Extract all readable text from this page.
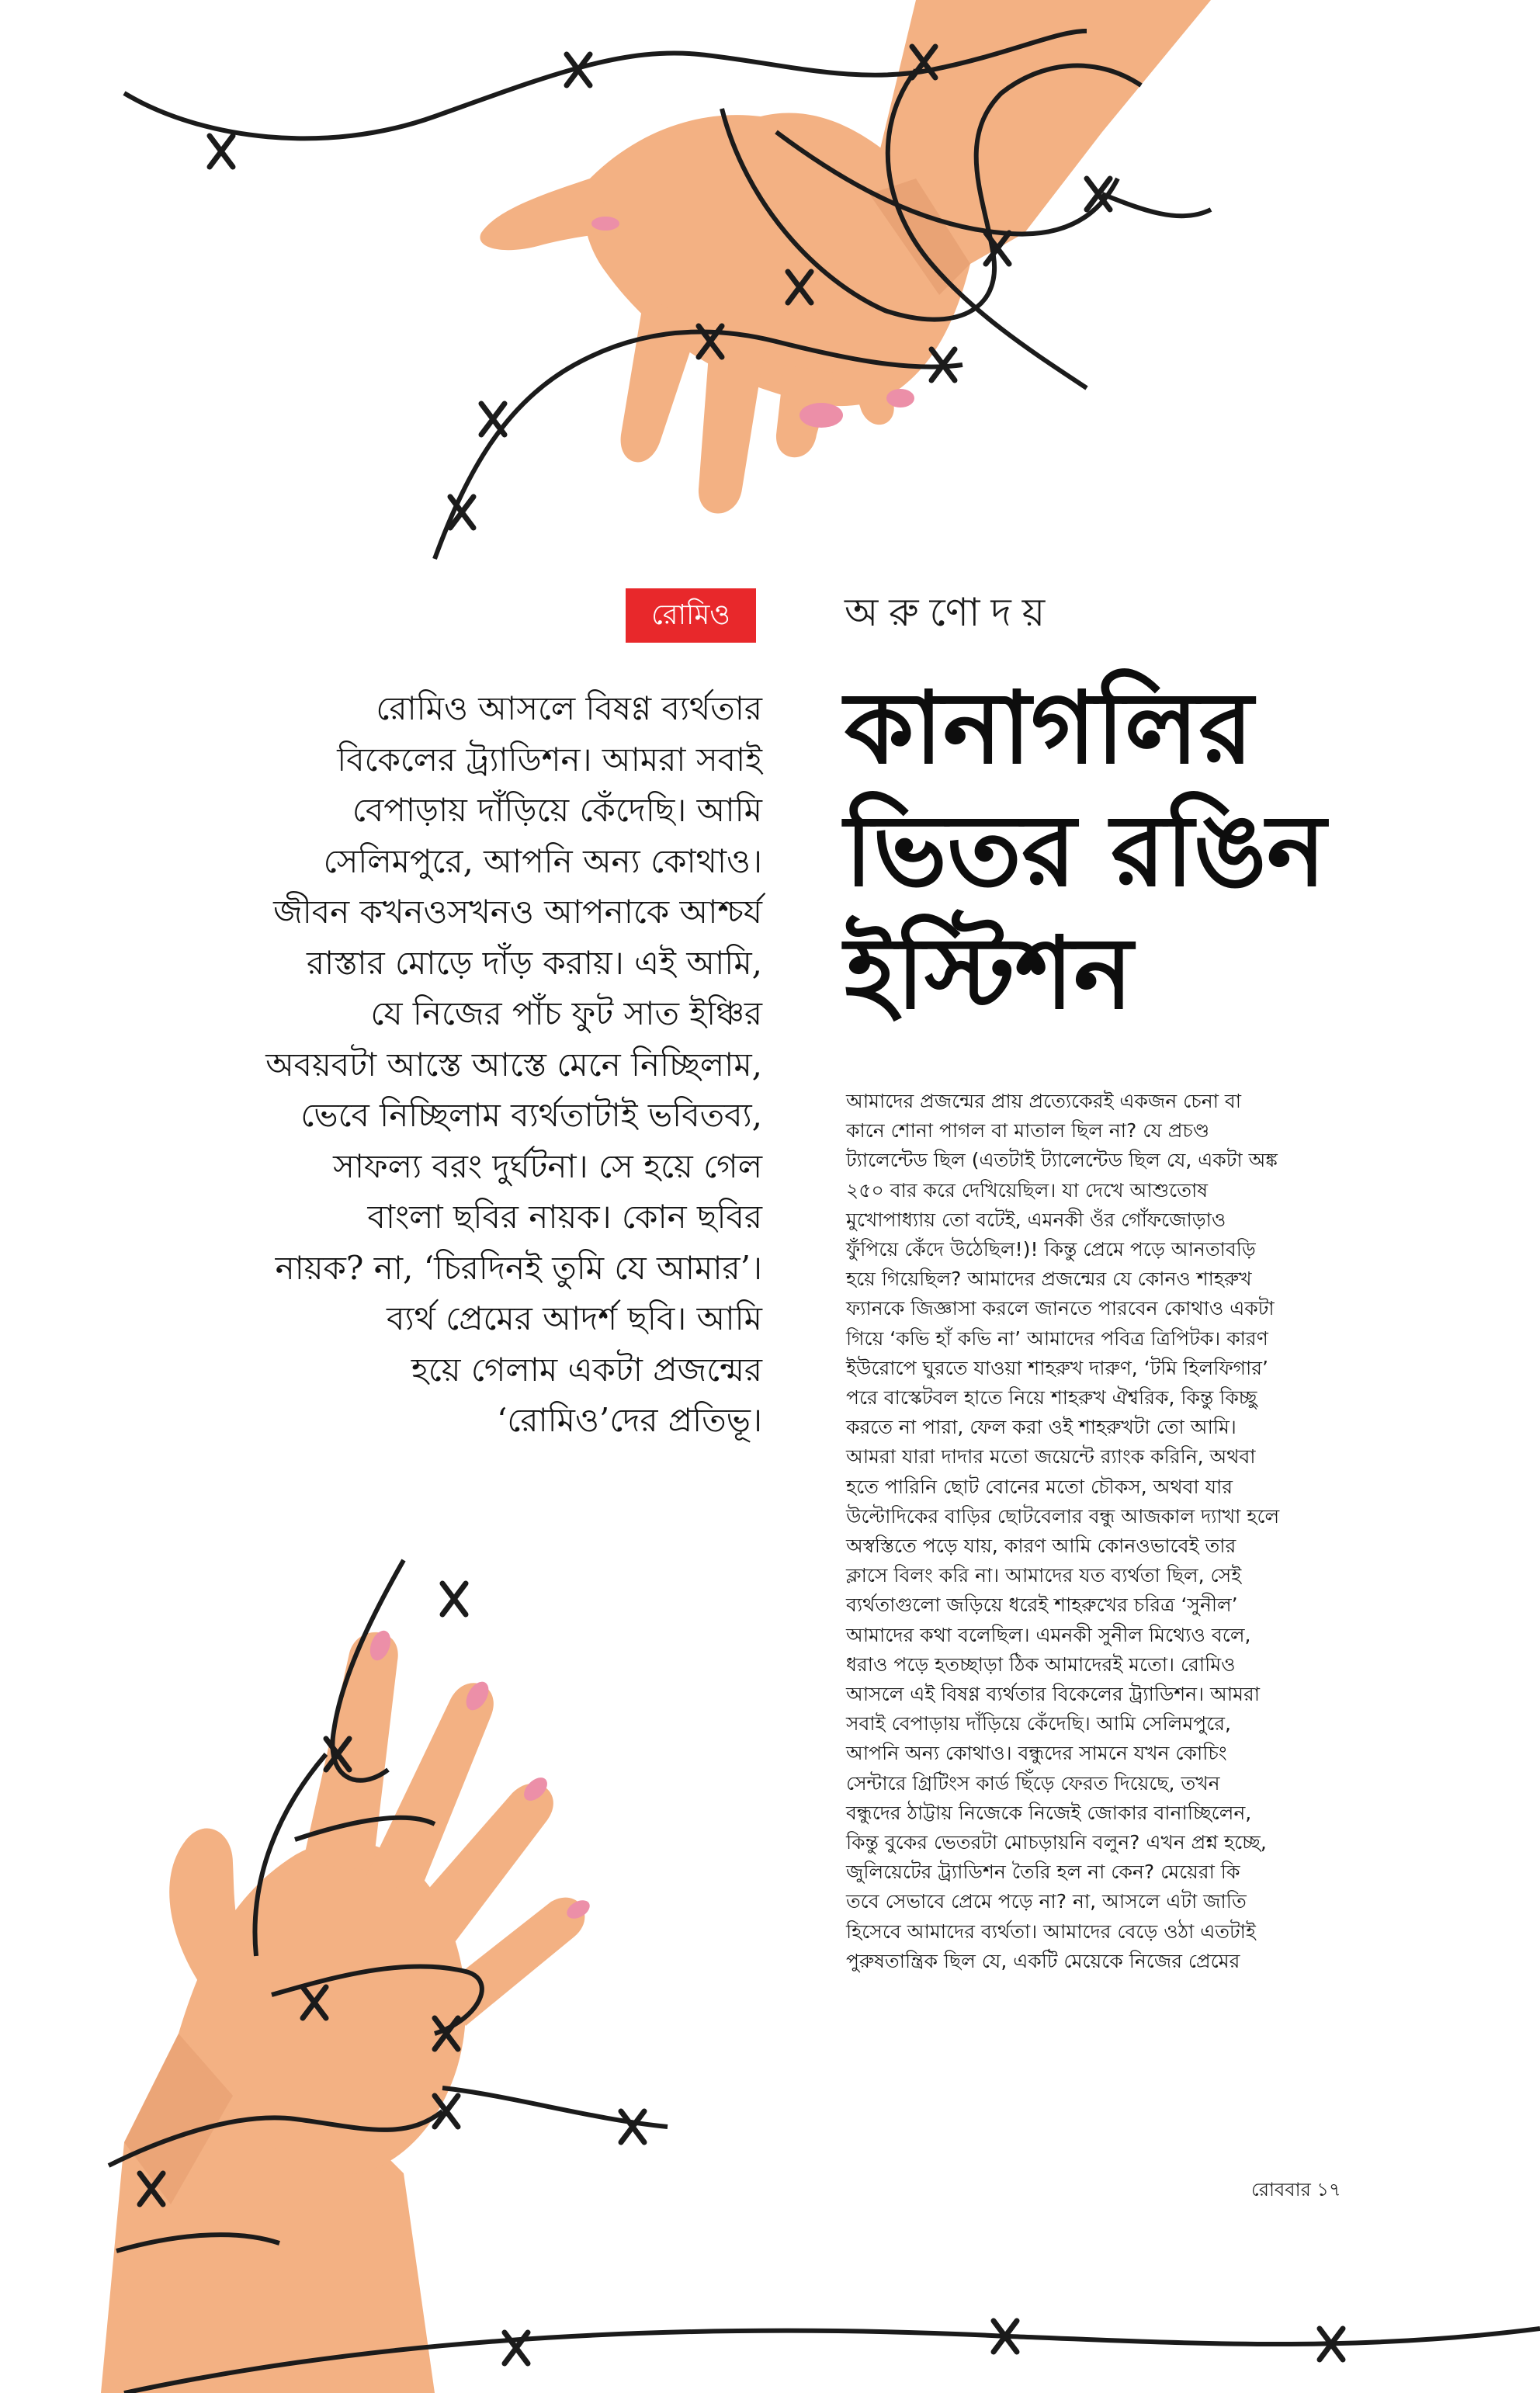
রোমিও	অরুণোদয়
কানাগলির
ভিতর রঙিন
ইস্টিশন
রোমিও আসলে বিষণ্ণ ব্যর্থতার
বিকেলের ট্র্যাডিশন। আমরা সবাই
বেপাড়ায় দাঁড়িয়ে কেঁদেছি। আমি
সেলিমপুরে, আপনি অন্য কোথাও।
জীবন কখনওসখনও আপনাকে আশ্চর্য
রাস্তার মোড়ে দাঁড় করায়। এই আমি,
যে নিজের পাঁচ ফুট সাত ইঞ্চির
অবয়বটা আস্তে আস্তে মেনে নিচ্ছিলাম,
ভেবে নিচ্ছিলাম ব্যর্থতাটাই ভবিতব্য,
সাফল্য বরং দুর্ঘটনা। সে হয়ে গেল
বাংলা ছবির নায়ক। কোন ছবির
নায়ক? না, ‘চিরদিনই তুমি যে আমার’।
ব্যর্থ প্রেমের আদর্শ ছবি। আমি
হয়ে গেলাম একটা প্রজন্মের
‘রোমিও’দের প্রতিভূ।
আমাদের প্রজন্মের প্রায় প্রত্যেকেরই একজন চেনা বা
কানে শোনা পাগল বা মাতাল ছিল না? যে প্রচণ্ড
ট্যালেন্টেড ছিল (এতটাই ট্যালেন্টেড ছিল যে, একটা অঙ্ক
২৫০ বার করে দেখিয়েছিল। যা দেখে আশুতোষ
মুখোপাধ্যায় তো বটেই, এমনকী ওঁর গোঁফজোড়াও
ফুঁপিয়ে কেঁদে উঠেছিল!)! কিন্তু প্রেমে পড়ে আনতাবড়ি
হয়ে গিয়েছিল? আমাদের প্রজন্মের যে কোনও শাহরুখ
ফ্যানকে জিজ্ঞাসা করলে জানতে পারবেন কোথাও একটা
গিয়ে ‘কভি হাঁ কভি না’ আমাদের পবিত্র ত্রিপিটক। কারণ
ইউরোপে ঘুরতে যাওয়া শাহরুখ দারুণ, ‘টমি হিলফিগার’
পরে বাস্কেটবল হাতে নিয়ে শাহরুখ ঐশ্বরিক, কিন্তু কিচ্ছু
করতে না পারা, ফেল করা ওই শাহরুখটা তো আমি।
আমরা যারা দাদার মতো জয়েন্টে র‍্যাংক করিনি, অথবা
হতে পারিনি ছোট বোনের মতো চৌকস, অথবা যার
উল্টোদিকের বাড়ির ছোটবেলার বন্ধু আজকাল দ্যাখা হলে
অস্বস্তিতে পড়ে যায়, কারণ আমি কোনওভাবেই তার
ক্লাসে বিলং করি না। আমাদের যত ব্যর্থতা ছিল, সেই
ব্যর্থতাগুলো জড়িয়ে ধরেই শাহরুখের চরিত্র ‘সুনীল’
আমাদের কথা বলেছিল। এমনকী সুনীল মিথ্যেও বলে,
ধরাও পড়ে হতচ্ছাড়া ঠিক আমাদেরই মতো। রোমিও
আসলে এই বিষণ্ণ ব্যর্থতার বিকেলের ট্র্যাডিশন। আমরা
সবাই বেপাড়ায় দাঁড়িয়ে কেঁদেছি। আমি সেলিমপুরে,
আপনি অন্য কোথাও। বন্ধুদের সামনে যখন কোচিং
সেন্টারে গ্রিটিংস কার্ড ছিঁড়ে ফেরত দিয়েছে, তখন
বন্ধুদের ঠাট্টায় নিজেকে নিজেই জোকার বানাচ্ছিলেন,
কিন্তু বুকের ভেতরটা মোচড়ায়নি বলুন? এখন প্রশ্ন হচ্ছে,
জুলিয়েটের ট্র্যাডিশন তৈরি হল না কেন? মেয়েরা কি
তবে সেভাবে প্রেমে পড়ে না? না, আসলে এটা জাতি
হিসেবে আমাদের ব্যর্থতা। আমাদের বেড়ে ওঠা এতটাই
পুরুষতান্ত্রিক ছিল যে, একটি মেয়েকে নিজের প্রেমের
রোববার ১৭
